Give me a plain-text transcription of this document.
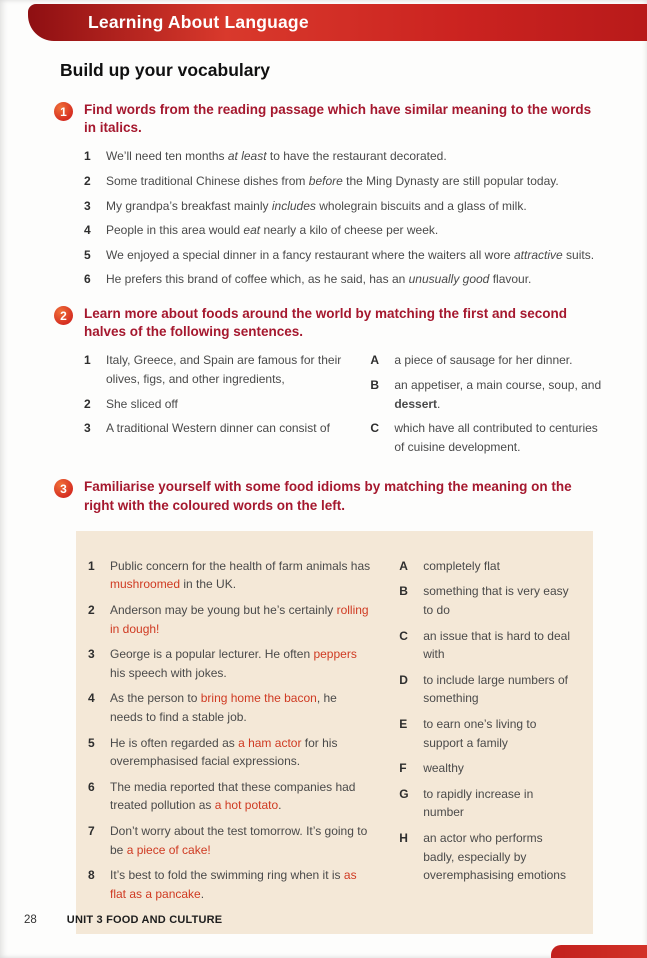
Learning About Language
Build up your vocabulary
1	Find words from the reading passage which have similar meaning to the words in italics.
1	We’ll need ten months at least to have the restaurant decorated.
2	Some traditional Chinese dishes from before the Ming Dynasty are still popular today.
3	My grandpa’s breakfast mainly includes wholegrain biscuits and a glass of milk.
4	People in this area would eat nearly a kilo of cheese per week.
5	We enjoyed a special dinner in a fancy restaurant where the waiters all wore attractive suits.
6	He prefers this brand of coffee which, as he said, has an unusually good flavour.
2	Learn more about foods around the world by matching the first and second halves of the following sentences.
1	Italy, Greece, and Spain are famous for their olives, figs, and other ingredients,
2	She sliced off
3	A traditional Western dinner can consist of
A	a piece of sausage for her dinner.
B	an appetiser, a main course, soup, and dessert.
C	which have all contributed to centuries of cuisine development.
3	Familiarise yourself with some food idioms by matching the meaning on the right with the coloured words on the left.
1	Public concern for the health of farm animals has mushroomed in the UK.
2	Anderson may be young but he’s certainly rolling in dough!
3	George is a popular lecturer. He often peppers his speech with jokes.
4	As the person to bring home the bacon, he needs to find a stable job.
5	He is often regarded as a ham actor for his overemphasised facial expressions.
6	The media reported that these companies had treated pollution as a hot potato.
7	Don’t worry about the test tomorrow. It’s going to be a piece of cake!
8	It’s best to fold the swimming ring when it is as flat as a pancake.
A	completely flat
B	something that is very easy to do
C	an issue that is hard to deal with
D	to include large numbers of something
E	to earn one’s living to support a family
F	wealthy
G	to rapidly increase in number
H	an actor who performs badly, especially by overemphasising emotions
28	UNIT 3 FOOD AND CULTURE
